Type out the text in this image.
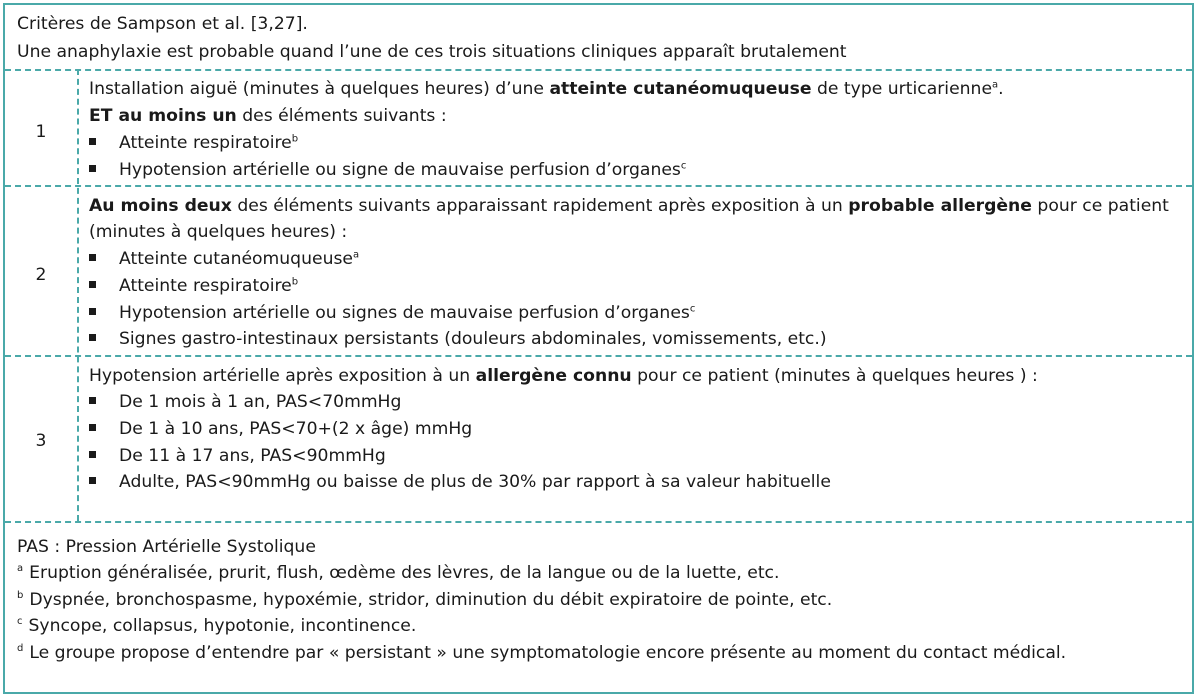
Critères de Sampson et al. [3,27].
Une anaphylaxie est probable quand l’une de ces trois situations cliniques apparaît brutalement
1
Installation aiguë (minutes à quelques heures) d’une atteinte cutanéomuqueuse de type urticarienne$^a$.
ET au moins un des éléments suivants :
Atteinte respiratoire$^b$
Hypotension artérielle ou signe de mauvaise perfusion d’organes$^c$
2
Au moins deux des éléments suivants apparaissant rapidement après exposition à un probable allergène pour ce patient
(minutes à quelques heures) :
Atteinte cutanéomuqueuse$^a$
Atteinte respiratoire$^b$
Hypotension artérielle ou signes de mauvaise perfusion d’organes$^c$
Signes gastro-intestinaux persistants (douleurs abdominales, vomissements, etc.)
3
Hypotension artérielle après exposition à un allergène connu pour ce patient (minutes à quelques heures ) :
De 1 mois à 1 an, PAS<70mmHg
De 1 à 10 ans, PAS<70+(2 x âge) mmHg
De 11 à 17 ans, PAS<90mmHg
Adulte, PAS<90mmHg ou baisse de plus de 30% par rapport à sa valeur habituelle
PAS : Pression Artérielle Systolique
$^a$ Eruption généralisée, prurit, flush, œdème des lèvres, de la langue ou de la luette, etc.
$^b$ Dyspnée, bronchospasme, hypoxémie, stridor, diminution du débit expiratoire de pointe, etc.
$^c$ Syncope, collapsus, hypotonie, incontinence.
$^d$ Le groupe propose d’entendre par « persistant » une symptomatologie encore présente au moment du contact médical.
